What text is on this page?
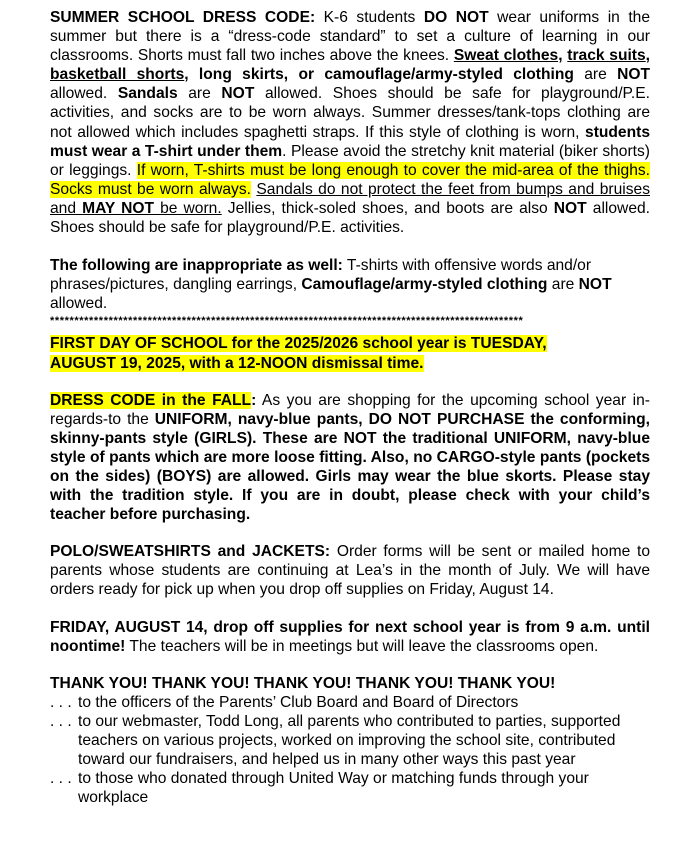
SUMMER SCHOOL DRESS CODE: K-6 students DO NOT wear uniforms in the summer but there is a “dress-code standard” to set a culture of learning in our classrooms. Shorts must fall two inches above the knees. Sweat clothes, track suits, basketball shorts, long skirts, or camouflage/army-styled clothing are NOT allowed. Sandals are NOT allowed. Shoes should be safe for playground/P.E. activities, and socks are to be worn always. Summer dresses/tank-tops clothing are not allowed which includes spaghetti straps. If this style of clothing is worn, students must wear a T-shirt under them. Please avoid the stretchy knit material (biker shorts) or leggings. If worn, T-shirts must be long enough to cover the mid-area of the thighs. Socks must be worn always. Sandals do not protect the feet from bumps and bruises and MAY NOT be worn. Jellies, thick-soled shoes, and boots are also NOT allowed. Shoes should be safe for playground/P.E. activities.

The following are inappropriate as well: T-shirts with offensive words and/or phrases/pictures, dangling earrings, Camouflage/army-styled clothing are NOT allowed.

*************************************************************************************************

FIRST DAY OF SCHOOL for the 2025/2026 school year is TUESDAY,
AUGUST 19, 2025, with a 12-NOON dismissal time.

DRESS CODE in the FALL: As you are shopping for the upcoming school year in-regards-to the UNIFORM, navy-blue pants, DO NOT PURCHASE the conforming, skinny-pants style (GIRLS). These are NOT the traditional UNIFORM, navy-blue style of pants which are more loose fitting. Also, no CARGO-style pants (pockets on the sides) (BOYS) are allowed. Girls may wear the blue skorts. Please stay with the tradition style. If you are in doubt, please check with your child’s teacher before purchasing.

POLO/SWEATSHIRTS and JACKETS: Order forms will be sent or mailed home to parents whose students are continuing at Lea’s in the month of July. We will have orders ready for pick up when you drop off supplies on Friday, August 14.

FRIDAY, AUGUST 14, drop off supplies for next school year is from 9 a.m. until noontime! The teachers will be in meetings but will leave the classrooms open.

THANK YOU! THANK YOU! THANK YOU! THANK YOU! THANK YOU!

. . . to the officers of the Parents’ Club Board and Board of Directors
. . . to our webmaster, Todd Long, all parents who contributed to parties, supported teachers on various projects, worked on improving the school site, contributed toward our fundraisers, and helped us in many other ways this past year
. . . to those who donated through United Way or matching funds through your workplace
